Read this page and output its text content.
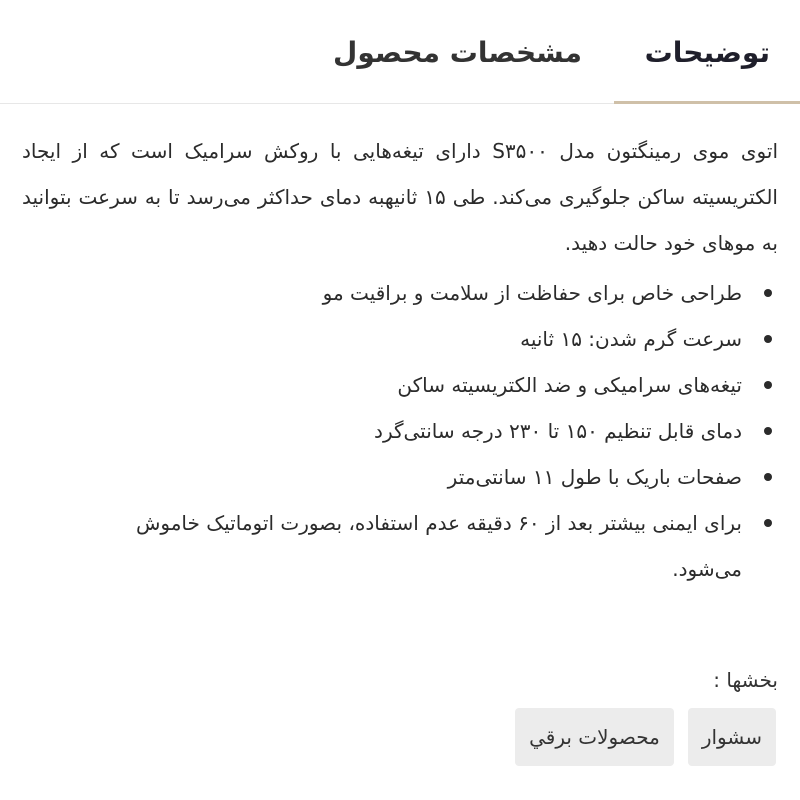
توضیحات
مشخصات محصول

اتوی موی رمینگتون مدل S۳۵۰۰ دارای تیغه‌هایی با روکش سرامیک است که از ایجاد الکتریسیته ساکن جلوگیری می‌کند. طی ۱۵ ثانیهبه دمای حداکثر می‌رسد تا به سرعت بتوانید به موهای خود حالت دهید.

طراحی خاص برای حفاظت از سلامت و براقیت مو
سرعت گرم شدن: ۱۵ ثانیه
تیغه‌های سرامیکی و ضد الکتریسیته ساکن
دمای قابل تنظیم ۱۵۰ تا ۲۳۰ درجه سانتی‌گرد
صفحات باریک با طول ۱۱ سانتی‌متر
برای ایمنی بیشتر بعد از ۶۰ دقیقه عدم استفاده، بصورت اتوماتیک خاموش می‌شود.
بخشها :
سشوار
محصولات برقي
